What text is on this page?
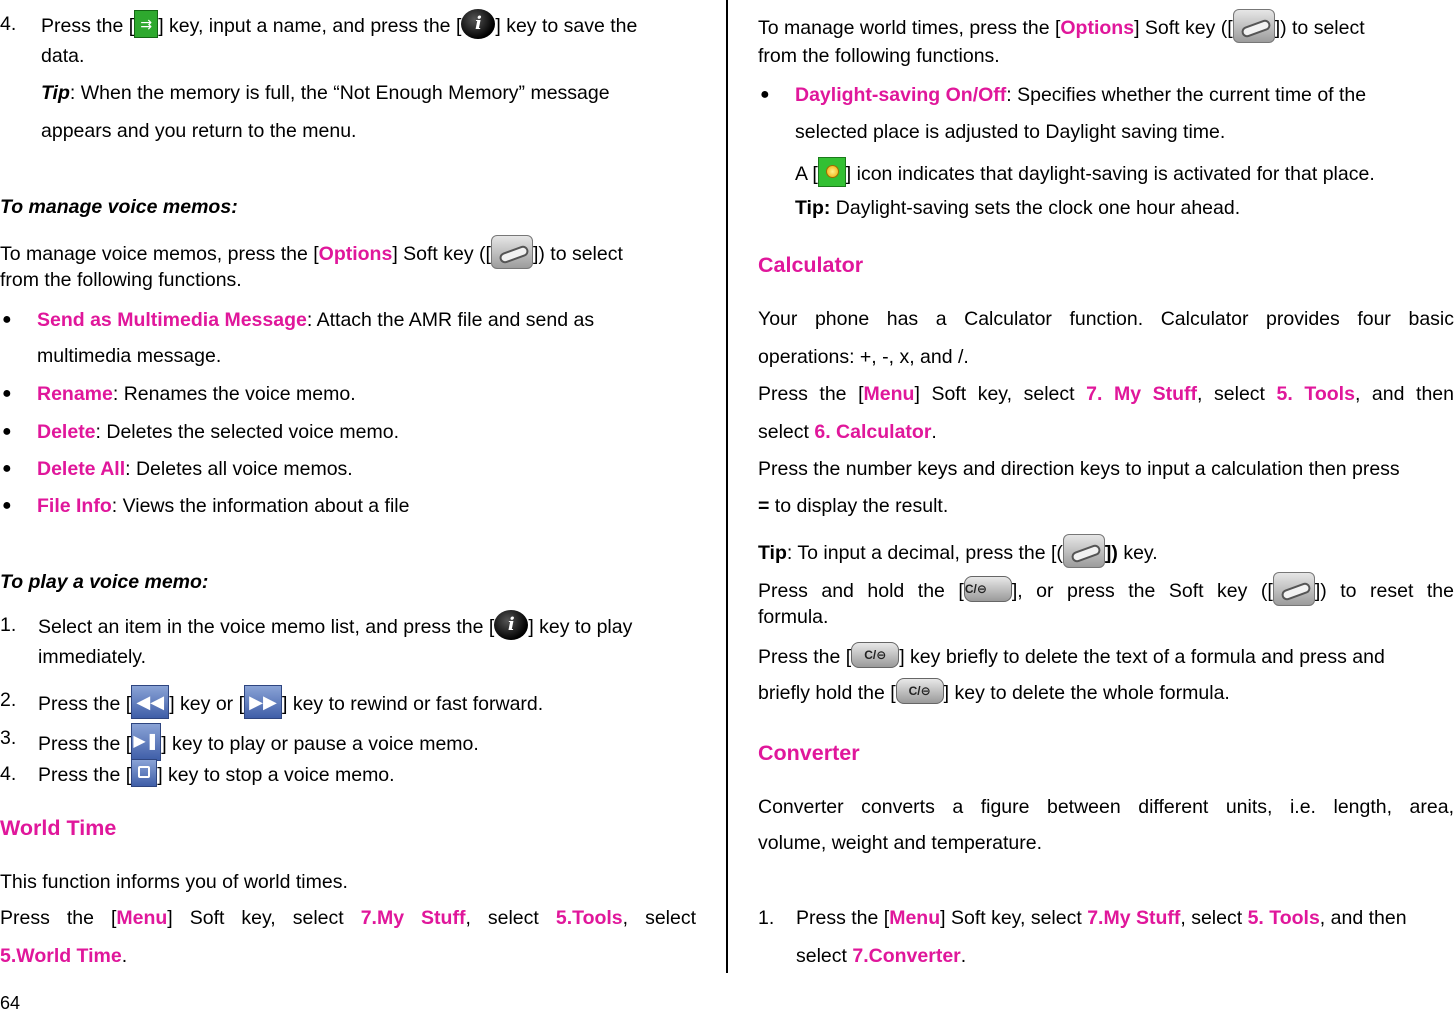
4. Press the [ ⇉ ] key, input a name, and press the [ i ] key to save the
data.
Tip: When the memory is full, the “Not Enough Memory” message
appears and you return to the menu.
To manage voice memos:
To manage voice memos, press the [Options] Soft key ([ ]) to select
from the following functions.
● Send as Multimedia Message: Attach the AMR file and send as
multimedia message.
● Rename: Renames the voice memo.
● Delete: Deletes the selected voice memo.
● Delete All: Deletes all voice memos.
● File Info: Views the information about a file
To play a voice memo:
1. Select an item in the voice memo list, and press the [ i ] key to play
immediately.
2. Press the [ ◀◀ ] key or [ ▶▶ ] key to rewind or fast forward.
3. Press the [ ▶❚ ] key to play or pause a voice memo.
4. Press the [ ] key to stop a voice memo.
World Time
This function informs you of world times.
Press the [Menu] Soft key, select 7.My Stuff, select 5.Tools, select
5.World Time.
To manage world times, press the [Options] Soft key ([ ]) to select
from the following functions.
● Daylight-saving On/Off: Specifies whether the current time of the
selected place is adjusted to Daylight saving time.
A [ ] icon indicates that daylight-saving is activated for that place.
Tip: Daylight-saving sets the clock one hour ahead.
Calculator
Your phone has a Calculator function. Calculator provides four basic
operations: +, -, x, and /.
Press the [Menu] Soft key, select 7. My Stuff, select 5. Tools, and then
select 6. Calculator.
Press the number keys and direction keys to input a calculation then press
= to display the result.
Tip: To input a decimal, press the [( ]) key.
Press and hold the [C/⊖ ], or press the Soft key ([ ]) to reset the
formula.
Press the [ C/⊖ ] key briefly to delete the text of a formula and press and
briefly hold the [ C/⊖ ] key to delete the whole formula.
Converter
Converter converts a figure between different units, i.e. length, area,
volume, weight and temperature.
1. Press the [Menu] Soft key, select 7.My Stuff, select 5. Tools, and then
select 7.Converter.
64
